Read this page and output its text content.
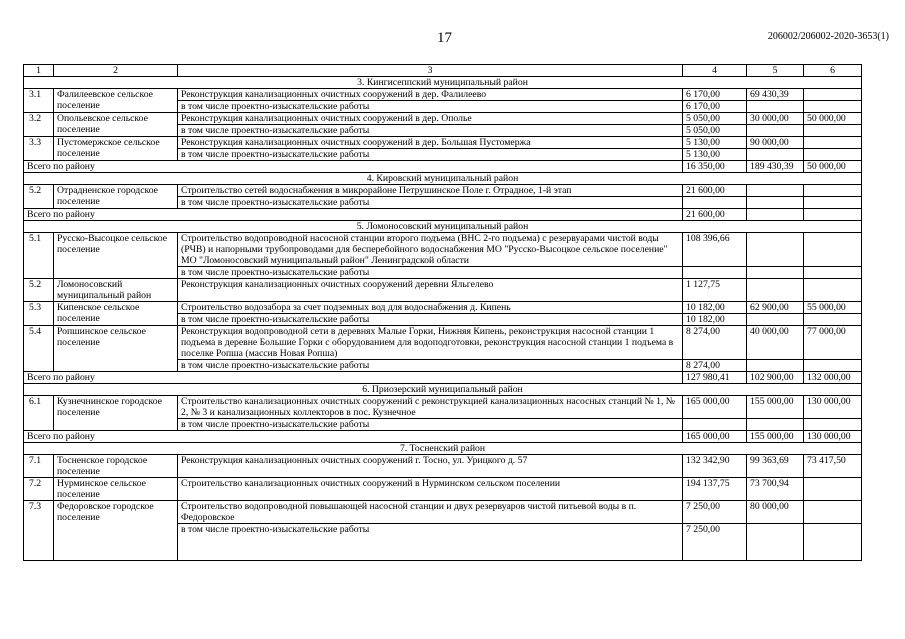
17	206002/206002-2020-3653(1)
1	2	3	4	5	6
3. Кингисеппский муниципальный район					
3.1	Фалилеевское сельское поселение	Реконструкция канализационных очистных сооружений в дер. Фалилеево	6 170,00	69 430,39	
		в том числе проектно-изыскательские работы	6 170,00		
3.2	Опольевское сельское поселение	Реконструкция канализационных очистных сооружений в дер. Ополье	5 050,00	30 000,00	50 000,00
		в том числе проектно-изыскательские работы	5 050,00		
3.3	Пустомержское сельское поселение	Реконструкция канализационных очистных сооружений в дер. Большая Пустомержа	5 130,00	90 000,00	
		в том числе проектно-изыскательские работы	5 130,00		
Всего по району			16 350,00	189 430,39	50 000,00
4. Кировский муниципальный район					
5.2	Отрадненское городское поселение	Строительство сетей водоснабжения в микрорайоне Петрушинское Поле г. Отрадное, 1-й этап	21 600,00		
		в том числе проектно-изыскательские работы			
Всего по району			21 600,00		
5. Ломоносовский муниципальный район					
5.1	Русско-Высоцкое сельское поселение	Строительство водопроводной насосной станции второго подъема (ВНС 2-го подъема) с резервуарами чистой воды (РЧВ) и напорными трубопроводами для бесперебойного водоснабжения МО "Русско-Высоцкое сельское поселение" МО "Ломоносовский муниципальный район" Ленинградской области	108 396,66		
		в том числе проектно-изыскательские работы			
5.2	Ломоносовский муниципальный район	Реконструкция канализационных очистных сооружений деревни Яльгелево	1 127,75		
5.3	Кипенское сельское поселение	Строительство водозабора за счет подземных вод для водоснабжения д. Кипень	10 182,00	62 900,00	55 000,00
		в том числе проектно-изыскательские работы	10 182,00		
5.4	Ропшинское сельское поселение	Реконструкция водопроводной сети в деревнях Малые Горки, Нижняя Кипень, реконструкция насосной станции 1 подъема в деревне Большие Горки с оборудованием для водоподготовки, реконструкция насосной станции 1 подъема в поселке Ропша (массив Новая Ропша)	8 274,00	40 000,00	77 000,00
		в том числе проектно-изыскательские работы	8 274,00		
Всего по району			127 980,41	102 900,00	132 000,00
6. Приозерский муниципальный район					
6.1	Кузнечнинское городское поселение	Строительство канализационных очистных сооружений с реконструкцией канализационных насосных станций № 1, № 2, № 3 и канализационных коллекторов в пос. Кузнечное	165 000,00	155 000,00	130 000,00
		в том числе проектно-изыскательские работы			
Всего по району			165 000,00	155 000,00	130 000,00
7. Тосненский район					
7.1	Тосненское городское поселение	Реконструкция канализационных очистных сооружений г. Тосно, ул. Урицкого д. 57	132 342,90	99 363,69	73 417,50
7.2	Нурминское сельское поселение	Строительство канализационных очистных сооружений в Нурминском сельском поселении	194 137,75	73 700,94	
7.3	Федоровское городское поселение	Строительство водопроводной повышающей насосной станции и двух резервуаров чистой питьевой воды в п. Федоровское	7 250,00	80 000,00	
		в том числе проектно-изыскательские работы	7 250,00		
